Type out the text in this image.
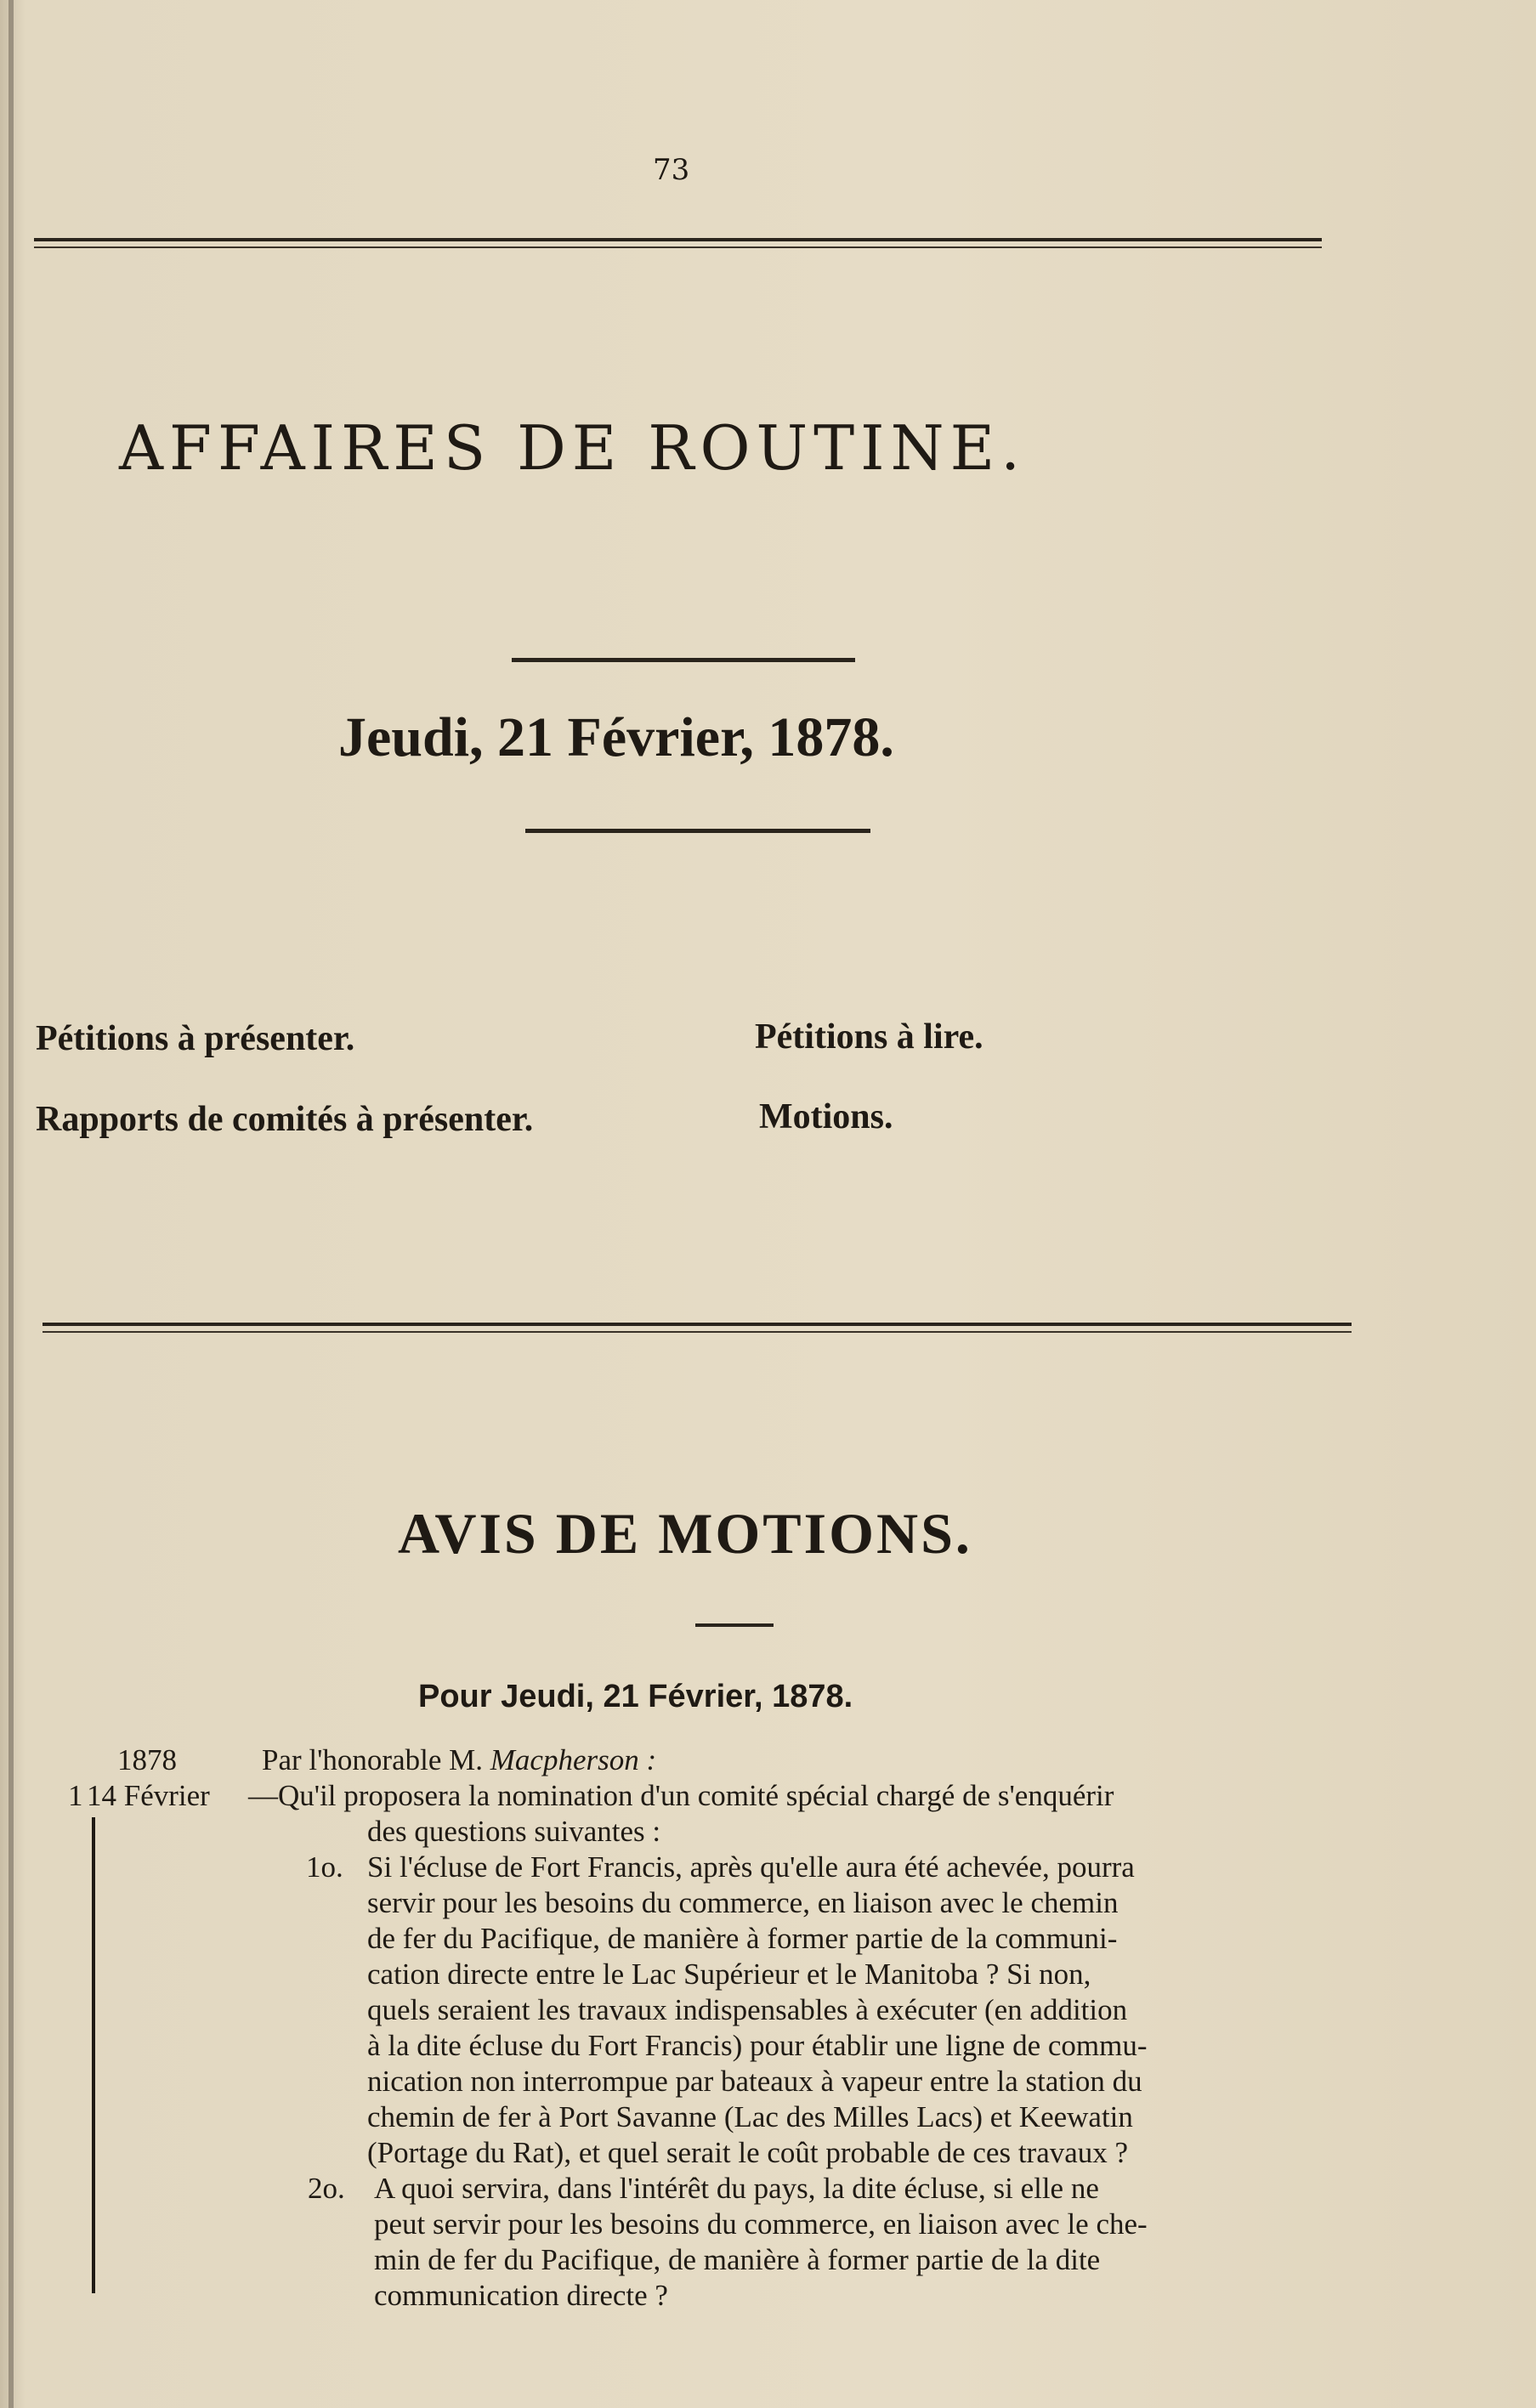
73
AFFAIRES DE ROUTINE.
Jeudi, 21 Février, 1878.
Pétitions à présenter.	Pétitions à lire.
Rapports de comités à présenter.	Motions.
AVIS DE MOTIONS.
Pour Jeudi, 21 Février, 1878.
1878	Par l'honorable M. Macpherson :
1 14 Février —Qu'il proposera la nomination d'un comité spécial chargé de s'enquérir
des questions suivantes :
1o. Si l'écluse de Fort Francis, après qu'elle aura été achevée, pourra
servir pour les besoins du commerce, en liaison avec le chemin
de fer du Pacifique, de manière à former partie de la communi-
cation directe entre le Lac Supérieur et le Manitoba ? Si non,
quels seraient les travaux indispensables à exécuter (en addition
à la dite écluse du Fort Francis) pour établir une ligne de commu-
nication non interrompue par bateaux à vapeur entre la station du
chemin de fer à Port Savanne (Lac des Milles Lacs) et Keewatin
(Portage du Rat), et quel serait le coût probable de ces travaux ?
2o. A quoi servira, dans l'intérêt du pays, la dite écluse, si elle ne
peut servir pour les besoins du commerce, en liaison avec le che-
min de fer du Pacifique, de manière à former partie de la dite
communication directe ?
